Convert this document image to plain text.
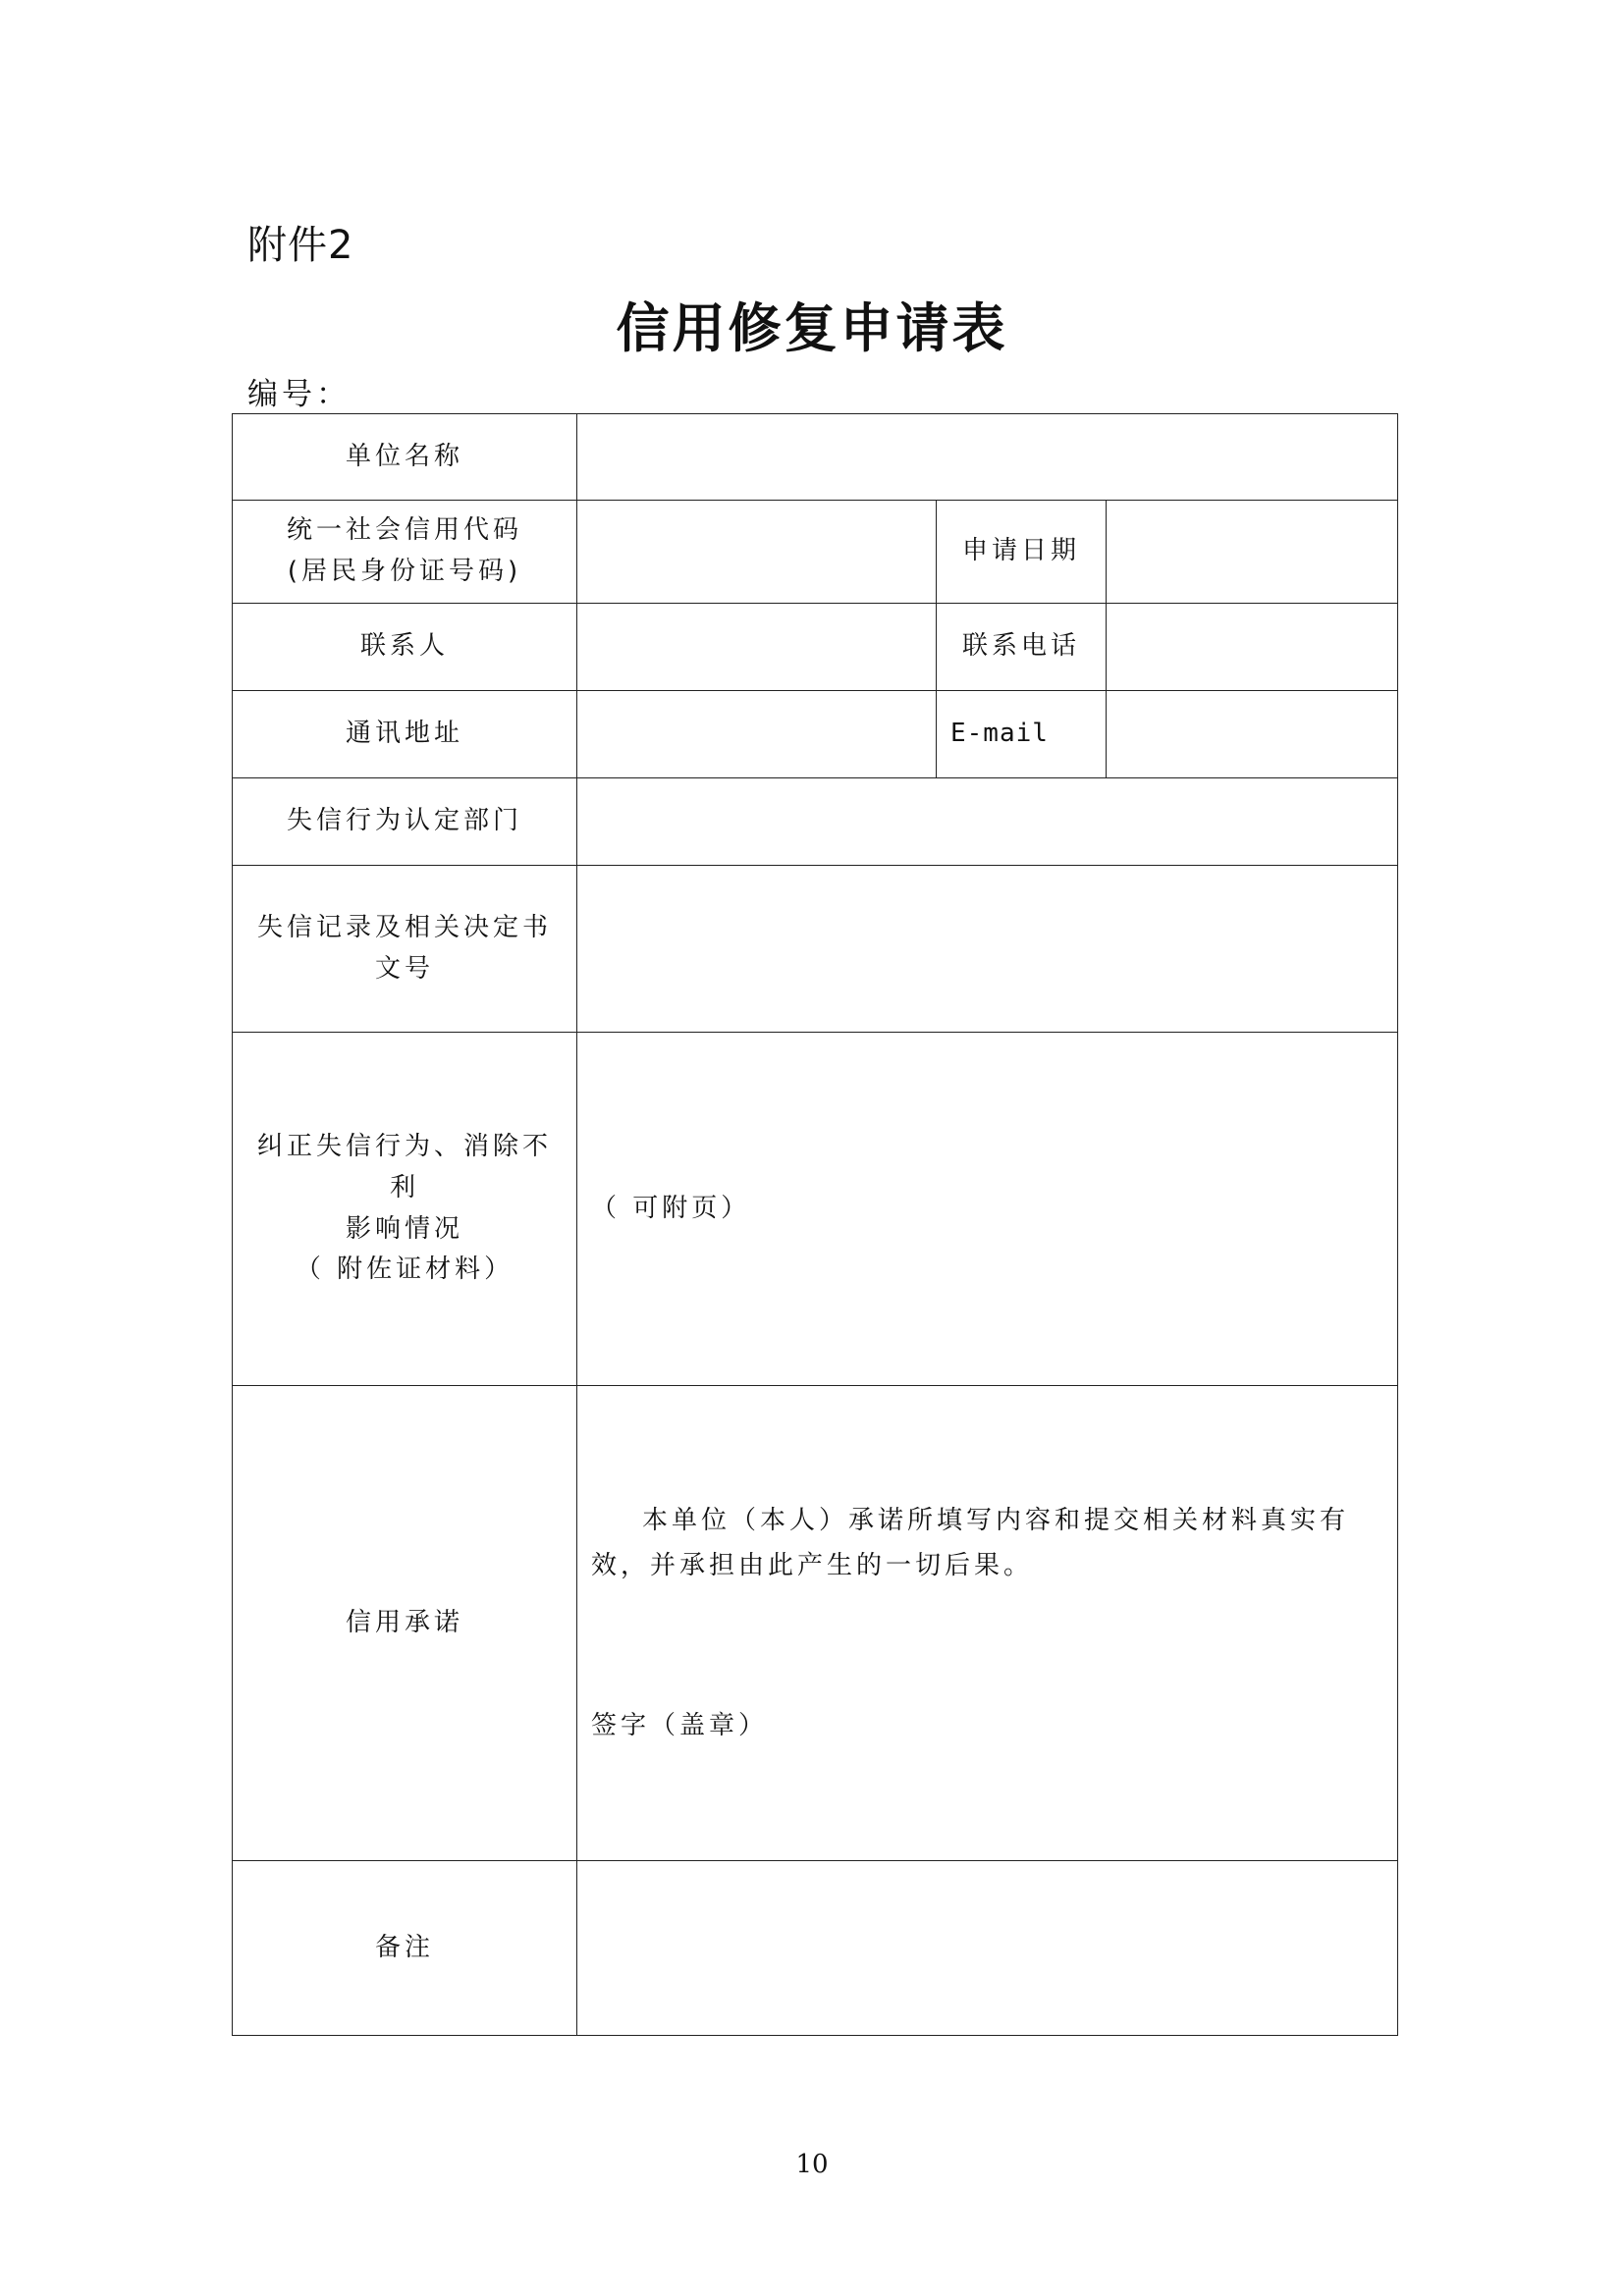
附件2
信用修复申请表
编号：
单位名称			

统一社会信用代码
(居民身份证号码)		申请日期	
联系人		联系电话	
通讯地址		E-mail	
失信行为认定部门			

失信记录及相关决定书
文号			

纠正失信行为、消除不利
影响情况
（ 附佐证材料）	（ 可附页）		
信用承诺	本单位（本人）承诺所填写内容和提交相关材料真实有效，并承担由此产生的一切后果。
签字（盖章）		

备注			
10
